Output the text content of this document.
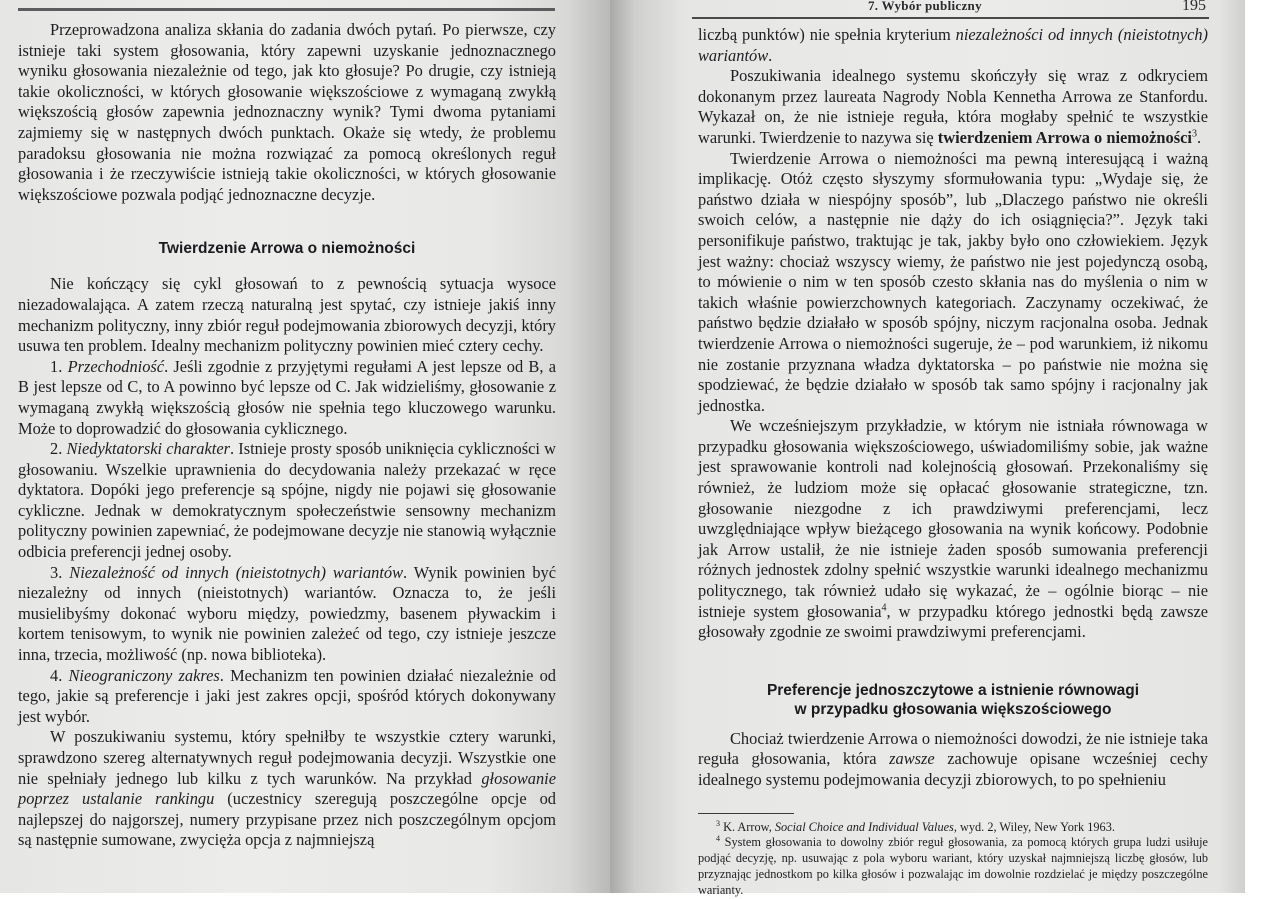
Przeprowadzona analiza skłania do zadania dwóch pytań. Po pierwsze, czy istnieje taki system głosowania, który zapewni uzyskanie jednoznacznego wyniku głosowania niezależnie od tego, jak kto głosuje? Po drugie, czy istnieją takie okoliczności, w których głosowanie większościowe z wymaganą zwykłą większością głosów zapewnia jednoznaczny wynik? Tymi dwoma pytaniami zajmiemy się w następnych dwóch punktach. Okaże się wtedy, że problemu paradoksu głosowania nie można rozwiązać za pomocą określonych reguł głosowania i że rzeczywiście istnieją takie okoliczności, w których głosowanie większościowe pozwala podjąć jednoznaczne decyzje.

Twierdzenie Arrowa o niemożności

Nie kończący się cykl głosowań to z pewnością sytuacja wysoce niezadowalająca. A zatem rzeczą naturalną jest spytać, czy istnieje jakiś inny mechanizm polityczny, inny zbiór reguł podejmowania zbiorowych decyzji, który usuwa ten problem. Idealny mechanizm polityczny powinien mieć cztery cechy.

1. Przechodniość. Jeśli zgodnie z przyjętymi regułami A jest lepsze od B, a B jest lepsze od C, to A powinno być lepsze od C. Jak widzieliśmy, głosowanie z wymaganą zwykłą większością głosów nie spełnia tego kluczowego warunku. Może to doprowadzić do głosowania cyklicznego.

2. Niedyktatorski charakter. Istnieje prosty sposób uniknięcia cykliczności w głosowaniu. Wszelkie uprawnienia do decydowania należy przekazać w ręce dyktatora. Dopóki jego preferencje są spójne, nigdy nie pojawi się głosowanie cykliczne. Jednak w demokratycznym społeczeństwie sensowny mechanizm polityczny powinien zapewniać, że podejmowane decyzje nie stanowią wyłącznie odbicia preferencji jednej osoby.

3. Niezależność od innych (nieistotnych) wariantów. Wynik powinien być niezależny od innych (nieistotnych) wariantów. Oznacza to, że jeśli musielibyśmy dokonać wyboru między, powiedzmy, basenem pływackim i kortem tenisowym, to wynik nie powinien zależeć od tego, czy istnieje jeszcze inna, trzecia, możliwość (np. nowa biblioteka).

4. Nieograniczony zakres. Mechanizm ten powinien działać niezależnie od tego, jakie są preferencje i jaki jest zakres opcji, spośród których dokonywany jest wybór.

W poszukiwaniu systemu, który spełniłby te wszystkie cztery warunki, sprawdzono szereg alternatywnych reguł podejmowania decyzji. Wszystkie one nie spełniały jednego lub kilku z tych warunków. Na przykład głosowanie poprzez ustalanie rankingu (uczestnicy szeregują poszczególne opcje od najlepszej do najgorszej, numery przypisane przez nich poszczególnym opcjom są następnie sumowane, zwycięża opcja z najmniejszą

7. Wybór publiczny	195

liczbą punktów) nie spełnia kryterium niezależności od innych (nieistotnych) wariantów.

Poszukiwania idealnego systemu skończyły się wraz z odkryciem dokonanym przez laureata Nagrody Nobla Kennetha Arrowa ze Stanfordu. Wykazał on, że nie istnieje reguła, która mogłaby spełnić te wszystkie warunki. Twierdzenie to nazywa się twierdzeniem Arrowa o niemożności$^3$.

Twierdzenie Arrowa o niemożności ma pewną interesującą i ważną implikację. Otóż często słyszymy sformułowania typu: „Wydaje się, że państwo działa w niespójny sposób”, lub „Dlaczego państwo nie określi swoich celów, a następnie nie dąży do ich osiągnięcia?”. Język taki personifikuje państwo, traktując je tak, jakby było ono człowiekiem. Język jest ważny: chociaż wszyscy wiemy, że państwo nie jest pojedynczą osobą, to mówienie o nim w ten sposób czesto skłania nas do myślenia o nim w takich właśnie powierzchownych kategoriach. Zaczynamy oczekiwać, że państwo będzie działało w sposób spójny, niczym racjonalna osoba. Jednak twierdzenie Arrowa o niemożności sugeruje, że – pod warunkiem, iż nikomu nie zostanie przyznana władza dyktatorska – po państwie nie można się spodziewać, że będzie działało w sposób tak samo spójny i racjonalny jak jednostka.

We wcześniejszym przykładzie, w którym nie istniała równowaga w przypadku głosowania większościowego, uświadomiliśmy sobie, jak ważne jest sprawowanie kontroli nad kolejnością głosowań. Przekonaliśmy się również, że ludziom może się opłacać głosowanie strategiczne, tzn. głosowanie niezgodne z ich prawdziwymi preferencjami, lecz uwzględniające wpływ bieżącego głosowania na wynik końcowy. Podobnie jak Arrow ustalił, że nie istnieje żaden sposób sumowania preferencji różnych jednostek zdolny spełnić wszystkie warunki idealnego mechanizmu politycznego, tak również udało się wykazać, że – ogólnie biorąc – nie istnieje system głosowania$^4$, w przypadku którego jednostki będą zawsze głosowały zgodnie ze swoimi prawdziwymi preferencjami.

Preferencje jednoszczytowe a istnienie równowagi
w przypadku głosowania większościowego

Chociaż twierdzenie Arrowa o niemożności dowodzi, że nie istnieje taka reguła głosowania, która zawsze zachowuje opisane wcześniej cechy idealnego systemu podejmowania decyzji zbiorowych, to po spełnieniu

$^3$ K. Arrow, Social Choice and Individual Values, wyd. 2, Wiley, New York 1963.

$^4$ System głosowania to dowolny zbiór reguł głosowania, za pomocą których grupa ludzi usiłuje podjąć decyzję, np. usuwając z pola wyboru wariant, który uzyskał najmniejszą liczbę głosów, lub przyznając jednostkom po kilka głosów i pozwalając im dowolnie rozdzielać je między poszczególne warianty.
